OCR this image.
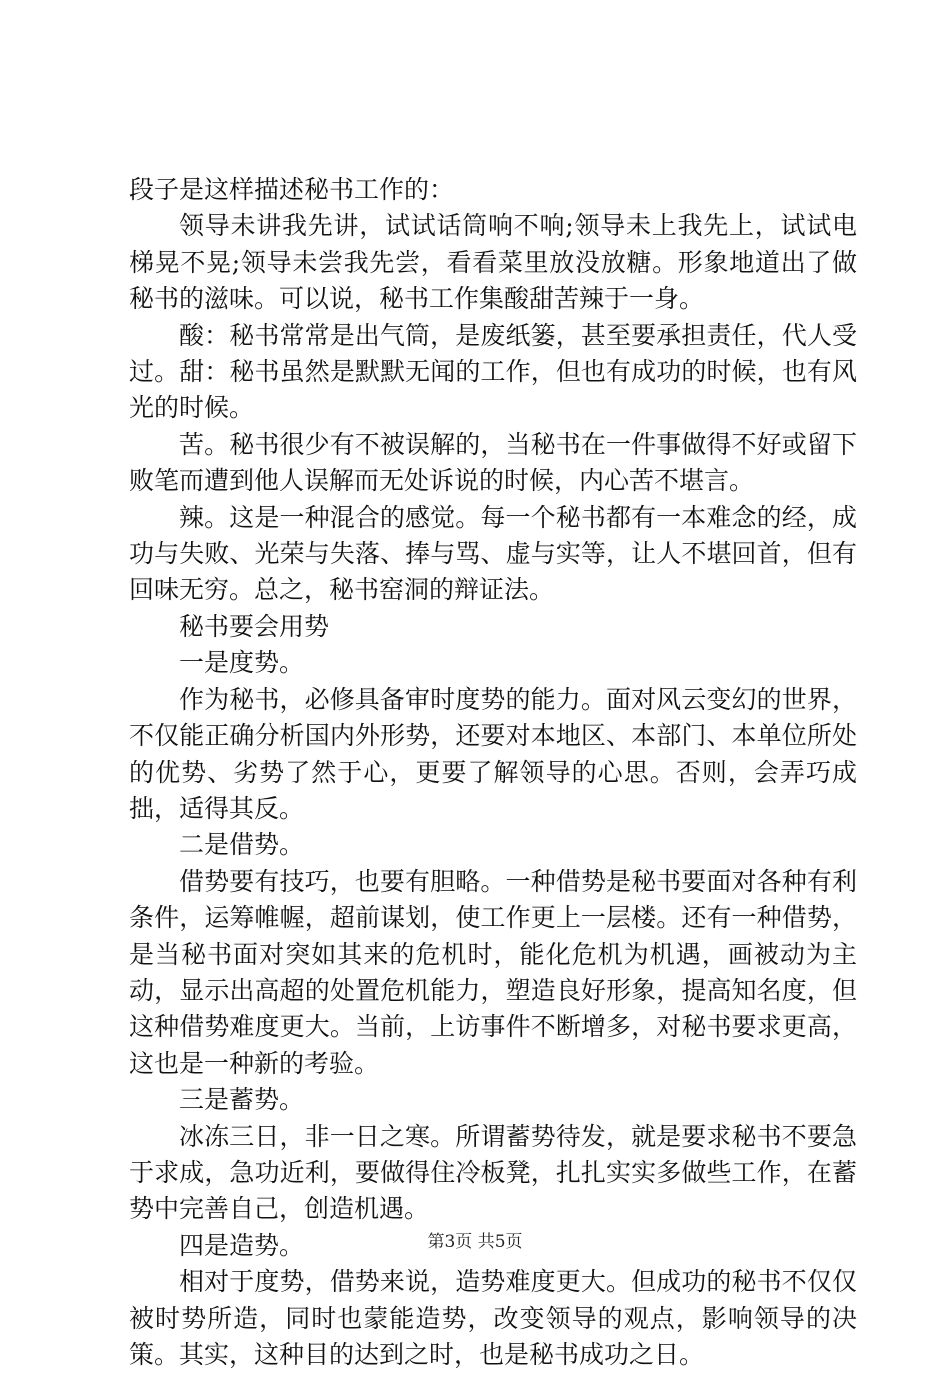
段子是这样描述秘书工作的：

领导未讲我先讲，试试话筒响不响;领导未上我先上，试试电梯晃不晃;领导未尝我先尝，看看菜里放没放糖。形象地道出了做秘书的滋味。可以说，秘书工作集酸甜苦辣于一身。

酸：秘书常常是出气筒，是废纸篓，甚至要承担责任，代人受过。甜：秘书虽然是默默无闻的工作，但也有成功的时候，也有风光的时候。

苦。秘书很少有不被误解的，当秘书在一件事做得不好或留下败笔而遭到他人误解而无处诉说的时候，内心苦不堪言。

辣。这是一种混合的感觉。每一个秘书都有一本难念的经，成功与失败、光荣与失落、捧与骂、虚与实等，让人不堪回首，但有回味无穷。总之，秘书窑洞的辩证法。

秘书要会用势

一是度势。

作为秘书，必修具备审时度势的能力。面对风云变幻的世界，不仅能正确分析国内外形势，还要对本地区、本部门、本单位所处的优势、劣势了然于心，更要了解领导的心思。否则，会弄巧成拙，适得其反。

二是借势。

借势要有技巧，也要有胆略。一种借势是秘书要面对各种有利条件，运筹帷幄，超前谋划，使工作更上一层楼。还有一种借势，是当秘书面对突如其来的危机时，能化危机为机遇，画被动为主动，显示出高超的处置危机能力，塑造良好形象，提高知名度，但这种借势难度更大。当前，上访事件不断增多，对秘书要求更高，这也是一种新的考验。

三是蓄势。

冰冻三日，非一日之寒。所谓蓄势待发，就是要求秘书不要急于求成，急功近利，要做得住冷板凳，扎扎实实多做些工作，在蓄势中完善自己，创造机遇。

四是造势。

相对于度势，借势来说，造势难度更大。但成功的秘书不仅仅被时势所造，同时也蒙能造势，改变领导的观点，影响领导的决策。其实，这种目的达到之时，也是秘书成功之日。

第3页 共5页
